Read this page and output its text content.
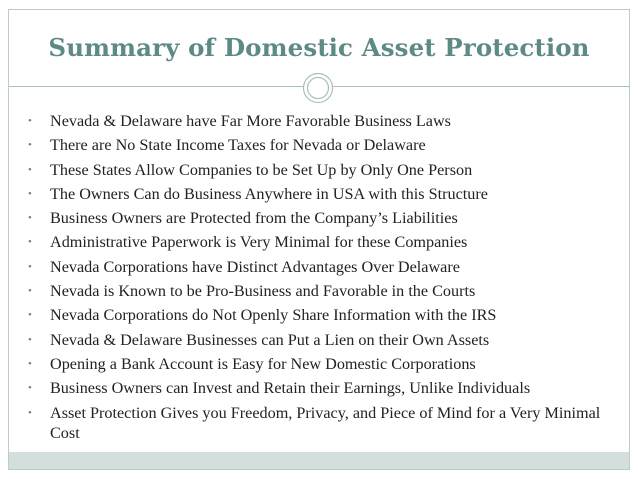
Summary of Domestic Asset Protection
• Nevada & Delaware have Far More Favorable Business Laws
• There are No State Income Taxes for Nevada or Delaware
• These States Allow Companies to be Set Up by Only One Person
• The Owners Can do Business Anywhere in USA with this Structure
• Business Owners are Protected from the Company’s Liabilities
• Administrative Paperwork is Very Minimal for these Companies
• Nevada Corporations have Distinct Advantages Over Delaware
• Nevada is Known to be Pro-Business and Favorable in the Courts
• Nevada Corporations do Not Openly Share Information with the IRS
• Nevada & Delaware Businesses can Put a Lien on their Own Assets
• Opening a Bank Account is Easy for New Domestic Corporations
• Business Owners can Invest and Retain their Earnings, Unlike Individuals
• Asset Protection Gives you Freedom, Privacy, and Piece of Mind for a Very Minimal Cost
